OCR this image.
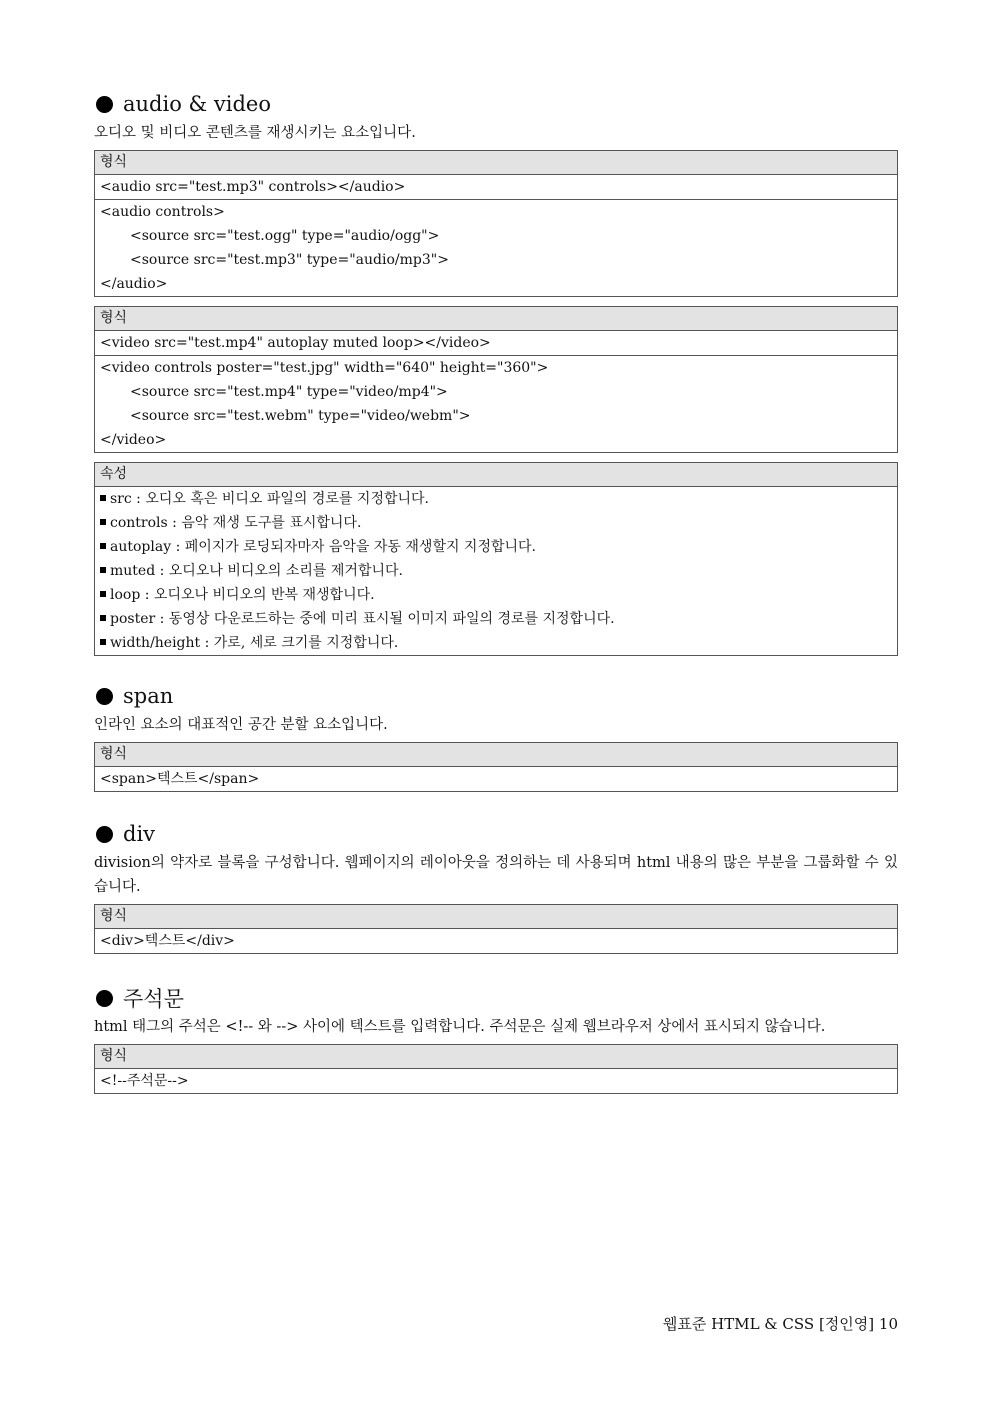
audio & video
오디오 및 비디오 콘텐츠를 재생시키는 요소입니다.
형식
<audio src="test.mp3" controls></audio>
<audio controls>
<source src="test.ogg" type="audio/ogg">
<source src="test.mp3" type="audio/mp3">
</audio>
형식
<video src="test.mp4" autoplay muted loop></video>
<video controls poster="test.jpg" width="640" height="360">
<source src="test.mp4" type="video/mp4">
<source src="test.webm" type="video/webm">
</video>
속성
src : 오디오 혹은 비디오 파일의 경로를 지정합니다.
controls : 음악 재생 도구를 표시합니다.
autoplay : 페이지가 로딩되자마자 음악을 자동 재생할지 지정합니다.
muted : 오디오나 비디오의 소리를 제거합니다.
loop : 오디오나 비디오의 반복 재생합니다.
poster : 동영상 다운로드하는 중에 미리 표시될 이미지 파일의 경로를 지정합니다.
width/height : 가로, 세로 크기를 지정합니다.
span
인라인 요소의 대표적인 공간 분할 요소입니다.
형식
<span>텍스트</span>
div
division의 약자로 블록을 구성합니다. 웹페이지의 레이아웃을 정의하는 데 사용되며 html 내용의 많은 부분을 그룹화할 수 있습니다.
형식
<div>텍스트</div>
주석문
html 태그의 주석은 <!-- 와 --> 사이에 텍스트를 입력합니다. 주석문은 실제 웹브라우저 상에서 표시되지 않습니다.
형식
<!--주석문-->
웹표준 HTML & CSS [정인영] 10
